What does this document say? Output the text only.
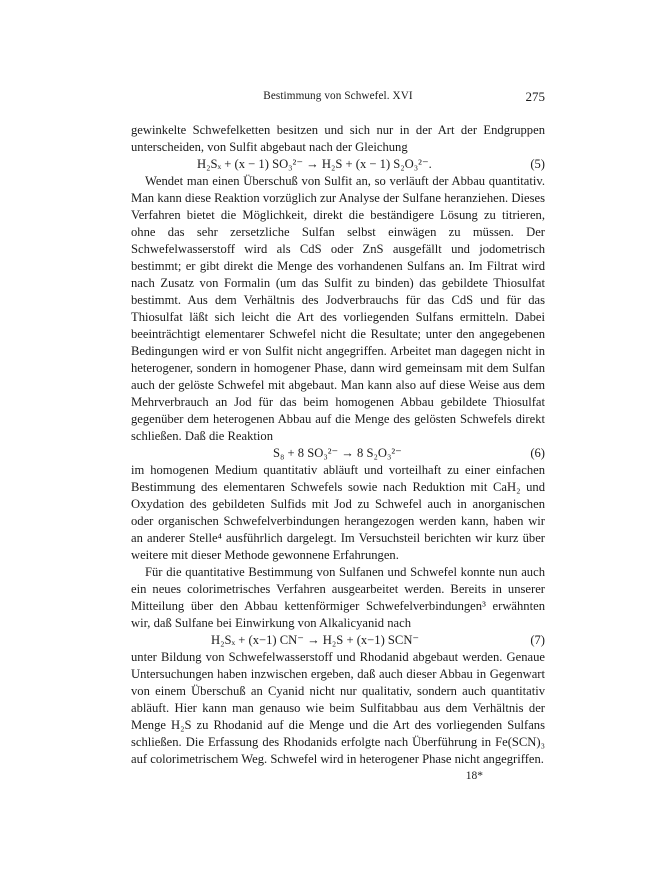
Bestimmung von Schwefel. XVI	275

gewinkelte Schwefelketten besitzen und sich nur in der Art der Endgruppen unterscheiden, von Sulfit abgebaut nach der Gleichung

H₂Sₓ + (x − 1) SO₃²⁻ → H₂S + (x − 1) S₂O₃²⁻.	(5)

Wendet man einen Überschuß von Sulfit an, so verläuft der Abbau quantitativ. Man kann diese Reaktion vorzüglich zur Analyse der Sulfane heranziehen. Dieses Verfahren bietet die Möglichkeit, direkt die beständigere Lösung zu titrieren, ohne das sehr zersetzliche Sulfan selbst einwägen zu müssen. Der Schwefelwasserstoff wird als CdS oder ZnS ausgefällt und jodometrisch bestimmt; er gibt direkt die Menge des vorhandenen Sulfans an. Im Filtrat wird nach Zusatz von Formalin (um das Sulfit zu binden) das gebildete Thiosulfat bestimmt. Aus dem Verhältnis des Jodverbrauchs für das CdS und für das Thiosulfat läßt sich leicht die Art des vorliegenden Sulfans ermitteln. Dabei beeinträchtigt elementarer Schwefel nicht die Resultate; unter den angegebenen Bedingungen wird er von Sulfit nicht angegriffen. Arbeitet man dagegen nicht in heterogener, sondern in homogener Phase, dann wird gemeinsam mit dem Sulfan auch der gelöste Schwefel mit abgebaut. Man kann also auf diese Weise aus dem Mehrverbrauch an Jod für das beim homogenen Abbau gebildete Thiosulfat gegenüber dem heterogenen Abbau auf die Menge des gelösten Schwefels direkt schließen. Daß die Reaktion

S₈ + 8 SO₃²⁻ → 8 S₂O₃²⁻	(6)

im homogenen Medium quantitativ abläuft und vorteilhaft zu einer einfachen Bestimmung des elementaren Schwefels sowie nach Reduktion mit CaH₂ und Oxydation des gebildeten Sulfids mit Jod zu Schwefel auch in anorganischen oder organischen Schwefelverbindungen herangezogen werden kann, haben wir an anderer Stelle⁴ ausführlich dargelegt. Im Versuchsteil berichten wir kurz über weitere mit dieser Methode gewonnene Erfahrungen.

Für die quantitative Bestimmung von Sulfanen und Schwefel konnte nun auch ein neues colorimetrisches Verfahren ausgearbeitet werden. Bereits in unserer Mitteilung über den Abbau kettenförmiger Schwefelverbindungen³ erwähnten wir, daß Sulfane bei Einwirkung von Alkalicyanid nach

H₂Sₓ + (x−1) CN⁻ → H₂S + (x−1) SCN⁻	(7)

unter Bildung von Schwefelwasserstoff und Rhodanid abgebaut werden. Genaue Untersuchungen haben inzwischen ergeben, daß auch dieser Abbau in Gegenwart von einem Überschuß an Cyanid nicht nur qualitativ, sondern auch quantitativ abläuft. Hier kann man genauso wie beim Sulfitabbau aus dem Verhältnis der Menge H₂S zu Rhodanid auf die Menge und die Art des vorliegenden Sulfans schließen. Die Erfassung des Rhodanids erfolgte nach Überführung in Fe(SCN)₃ auf colorimetrischem Weg. Schwefel wird in heterogener Phase nicht angegriffen.

18*
